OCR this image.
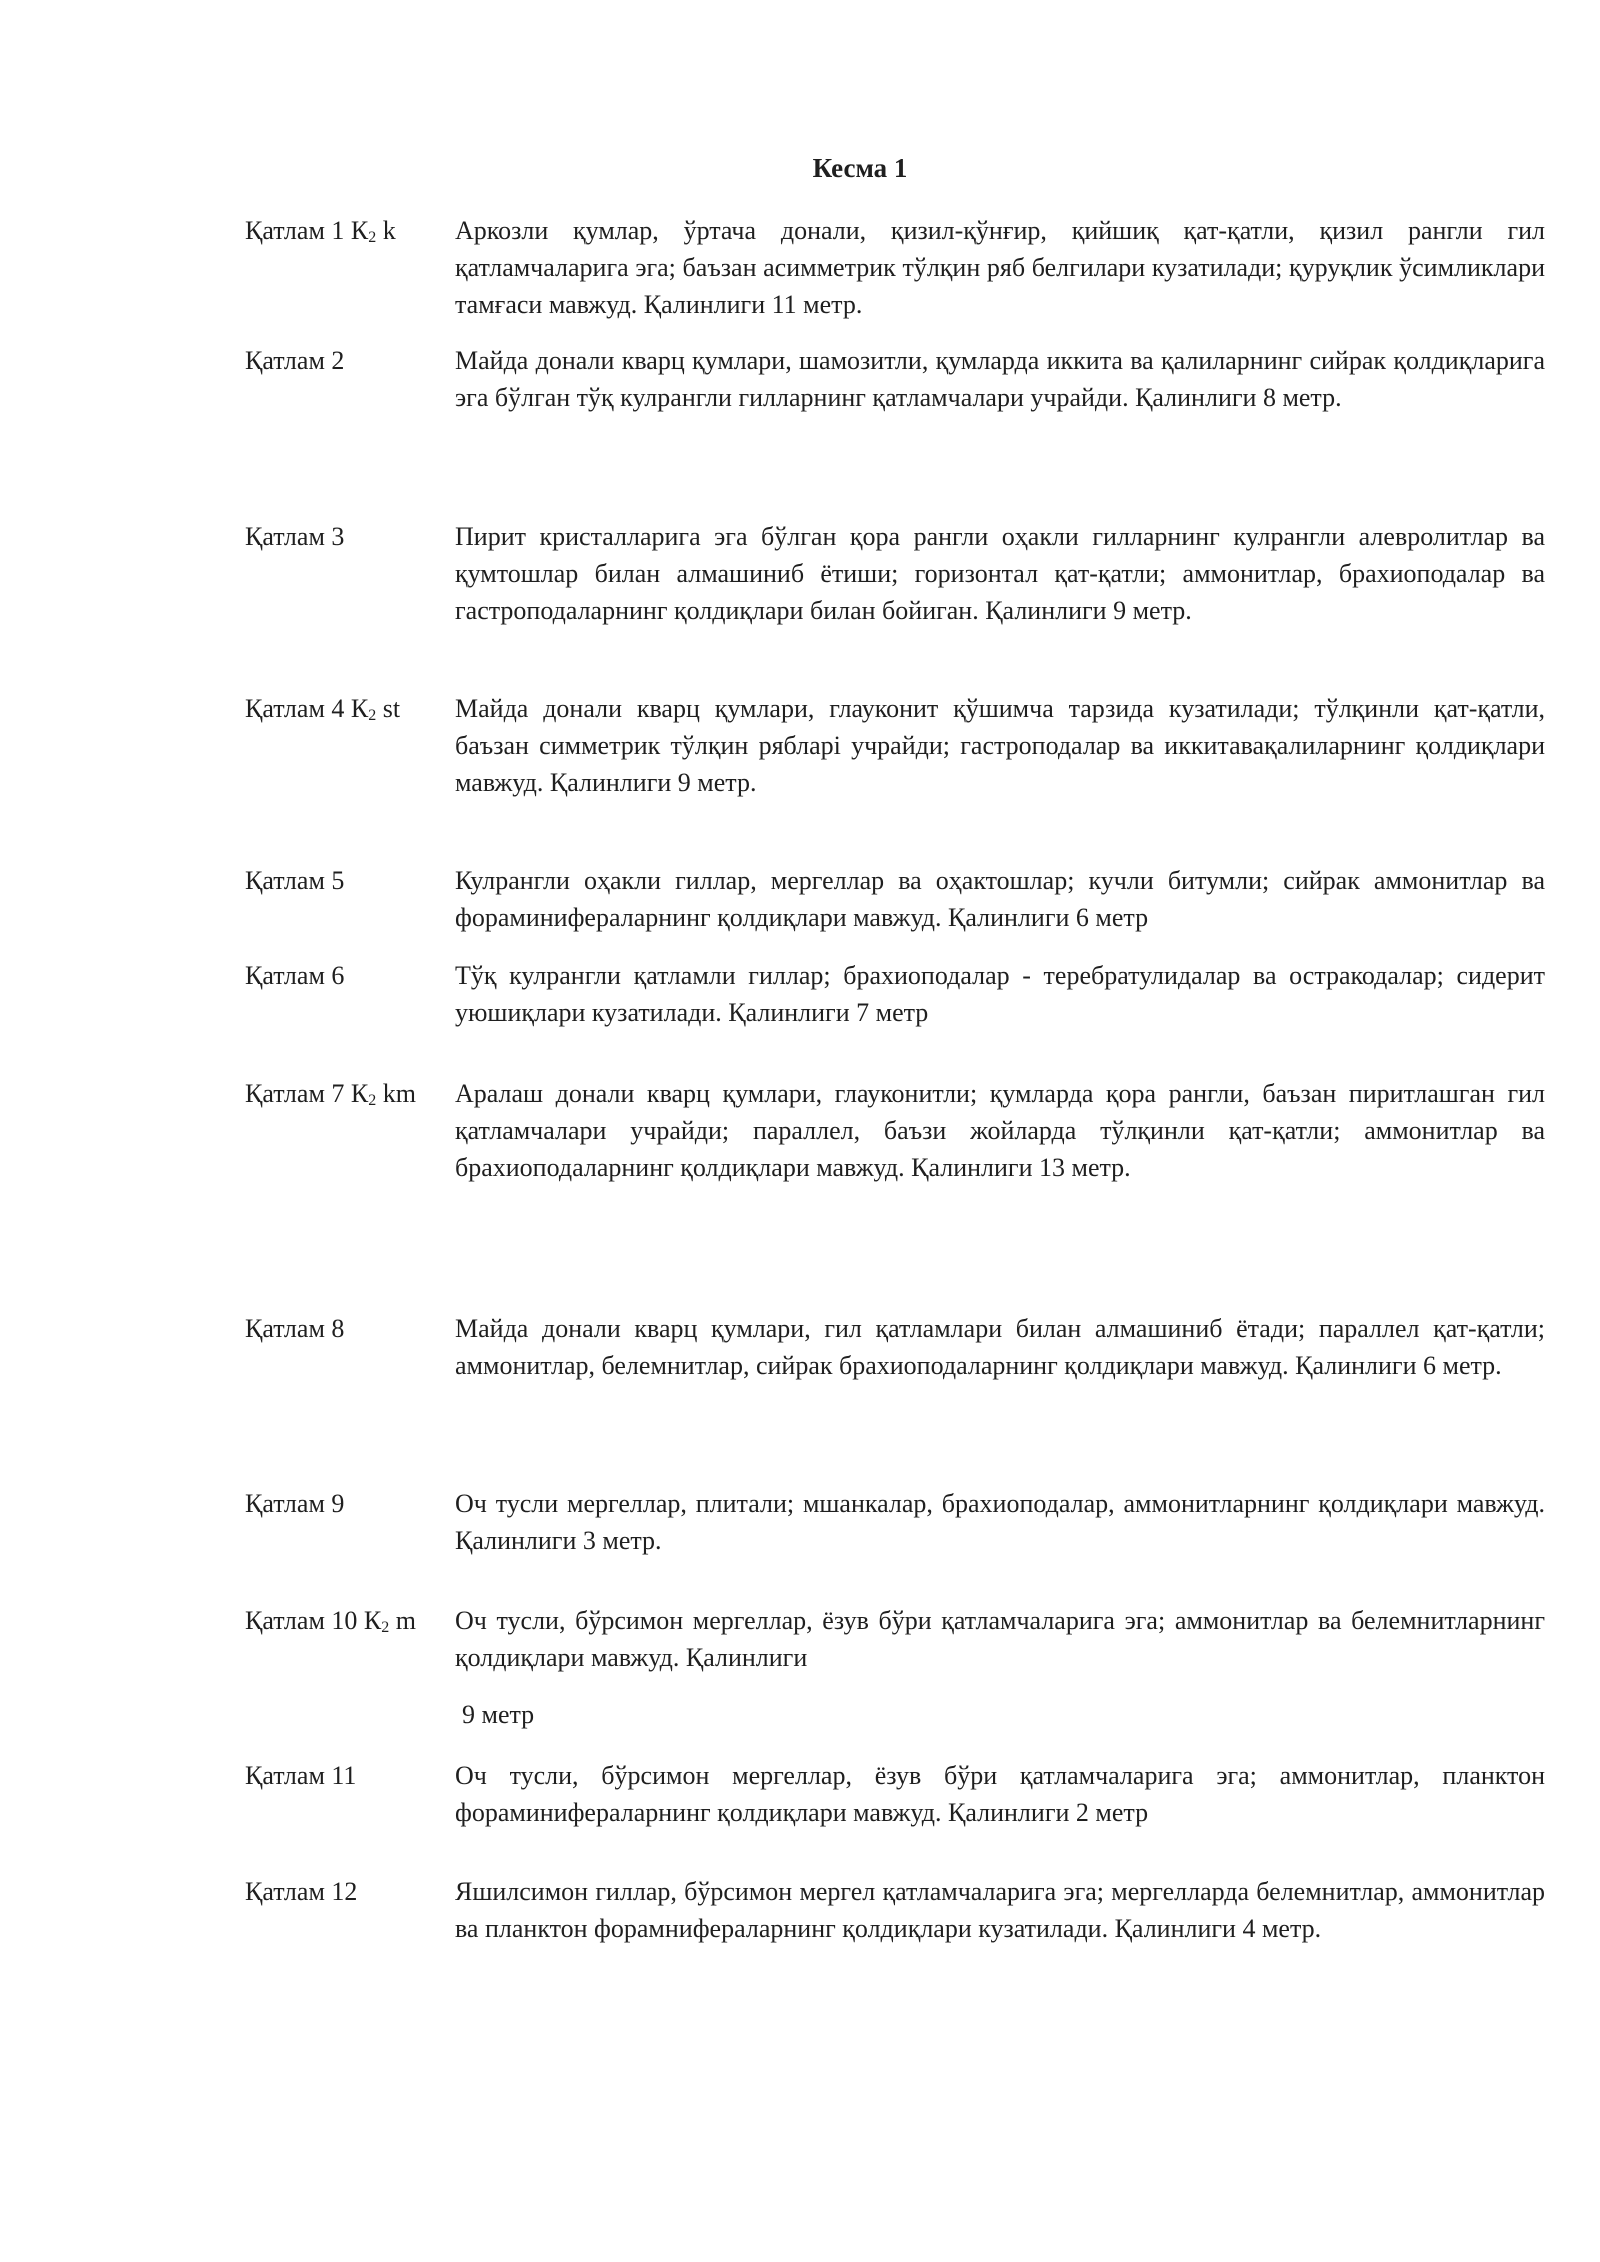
Кесма 1
Қатлам 1 К2 k	Аркозли қумлар, ўртача донали, қизил-қўнғир, қийшиқ қат-қатли, қизил рангли гил қатламчаларига эга; баъзан асимметрик тўлқин ряб белгилари кузатилади; қуруқлик ўсимликлари тамғаси мавжуд. Қалинлиги 11 метр.
Қатлам 2	Майда донали кварц қумлари, шамозитли, қумларда иккита ва қалиларнинг сийрак қолдиқларига эга бўлган тўқ кулрангли гилларнинг қатламчалари учрайди. Қалинлиги 8 метр.
Қатлам 3	Пирит кристалларига эга бўлган қора рангли оҳакли гилларнинг кулрангли алевролитлар ва қумтошлар билан алмашиниб ётиши; горизонтал қат-қатли; аммонитлар, брахиоподалар ва гастроподаларнинг қолдиқлари билан бойиган. Қалинлиги 9 метр.
Қатлам 4 К2 st	Майда донали кварц қумлари, глауконит қўшимча тарзида кузатилади; тўлқинли қат-қатли, баъзан симметрик тўлқин рябларi учрайди; гастроподалар ва иккитавақалиларнинг қолдиқлари мавжуд. Қалинлиги 9 метр.
Қатлам 5	Кулрангли оҳакли гиллар, мергеллар ва оҳактошлар; кучли битумли; сийрак аммонитлар ва фораминифераларнинг қолдиқлари мавжуд. Қалинлиги 6 метр
Қатлам 6	Тўқ кулрангли қатламли гиллар; брахиоподалар - теребратулидалар ва остракодалар; сидерит уюшиқлари кузатилади. Қалинлиги 7 метр
Қатлам 7 К2 km	Аралаш донали кварц қумлари, глауконитли; қумларда қора рангли, баъзан пиритлашган гил қатламчалари учрайди; параллел, баъзи жойларда тўлқинли қат-қатли; аммонитлар ва брахиоподаларнинг қолдиқлари мавжуд. Қалинлиги 13 метр.
Қатлам 8	Майда донали кварц қумлари, гил қатламлари билан алмашиниб ётади; параллел қат-қатли; аммонитлар, белемнитлар, сийрак брахиоподаларнинг қолдиқлари мавжуд. Қалинлиги 6 метр.
Қатлам 9	Оч тусли мергеллар, плитали; мшанкалар, брахиоподалар, аммонитларнинг қолдиқлари мавжуд. Қалинлиги 3 метр.
Қатлам 10 К2 m	Оч тусли, бўрсимон мергеллар, ёзув бўри қатламчаларига эга; аммонитлар ва белемнитларнинг қолдиқлари мавжуд. Қалинлиги
9 метр
Қатлам 11	Оч тусли, бўрсимон мергеллар, ёзув бўри қатламчаларига эга; аммонитлар, планктон фораминифераларнинг қолдиқлари мавжуд. Қалинлиги 2 метр
Қатлам 12	Яшилсимон гиллар, бўрсимон мергел қатламчаларига эга; мергелларда белемнитлар, аммонитлар ва планктон форамнифераларнинг қолдиқлари кузатилади. Қалинлиги 4 метр.
